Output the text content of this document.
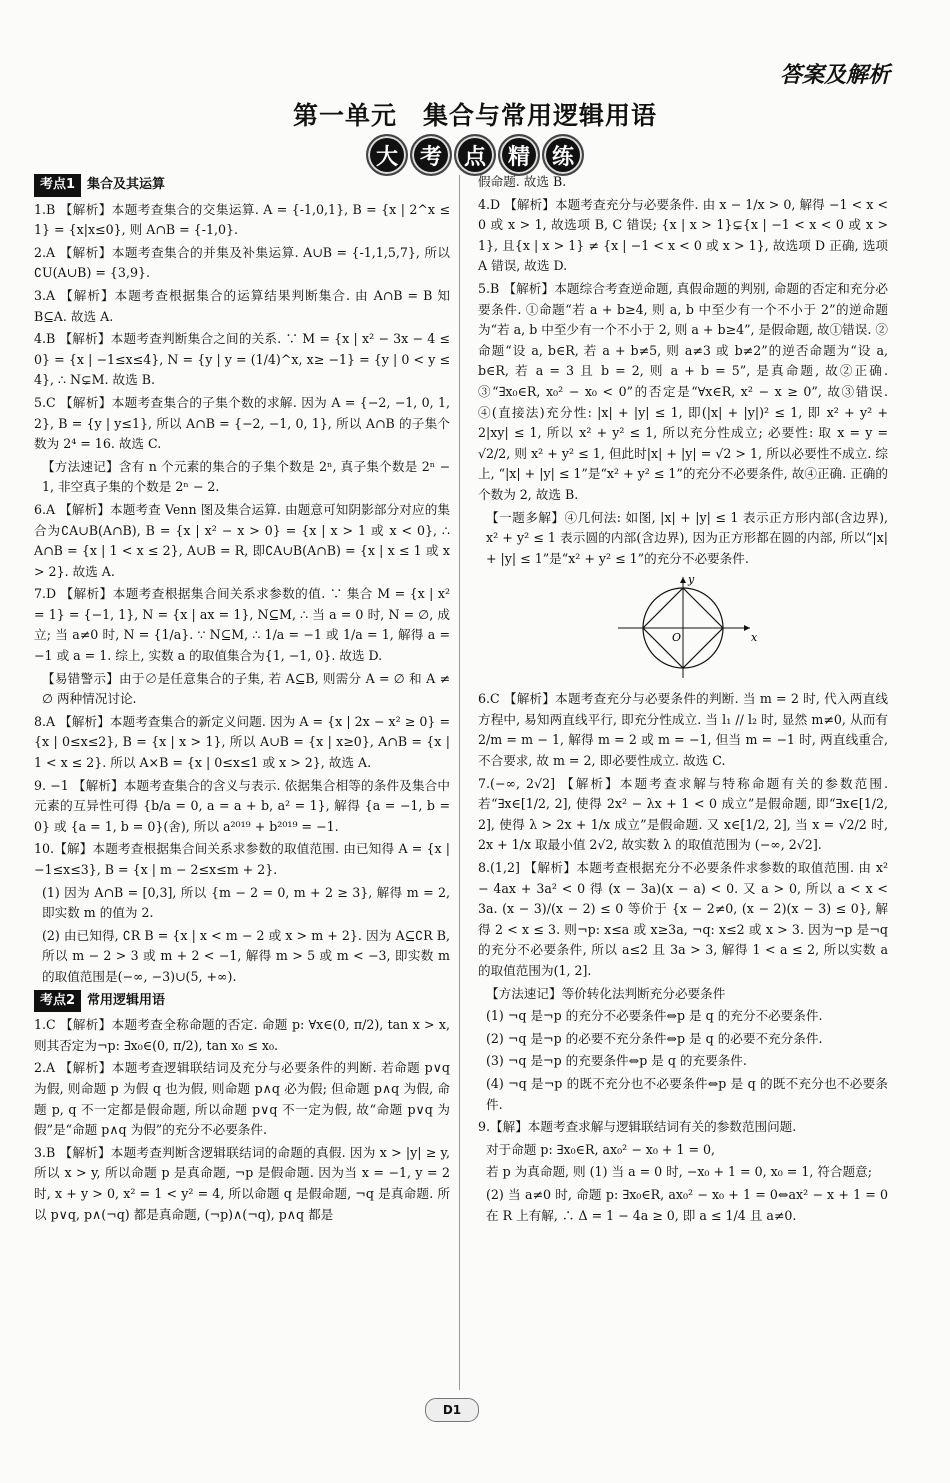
答案及解析
第一单元　集合与常用逻辑用语
大 考 点 精 练
考点1 集合及其运算

1.B 【解析】本题考查集合的交集运算. A = {-1,0,1}, B = {x | 2^x ≤ 1} = {x|x≤0}, 则 A∩B = {-1,0}.

2.A 【解析】本题考查集合的并集及补集运算. A∪B = {-1,1,5,7}, 所以∁U(A∪B) = {3,9}.

3.A 【解析】本题考查根据集合的运算结果判断集合. 由 A∩B = B 知 B⊆A. 故选 A.

4.B 【解析】本题考查判断集合之间的关系. ∵ M = {x | x² − 3x − 4 ≤ 0} = {x | −1≤x≤4}, N = {y | y = (1/4)^x, x≥ −1} = {y | 0 < y ≤ 4}, ∴ N⊊M. 故选 B.

5.C 【解析】本题考查集合的子集个数的求解. 因为 A = {−2, −1, 0, 1, 2}, B = {y | y≤1}, 所以 A∩B = {−2, −1, 0, 1}, 所以 A∩B 的子集个数为 2⁴ = 16. 故选 C.

【方法速记】含有 n 个元素的集合的子集个数是 2ⁿ, 真子集个数是 2ⁿ − 1, 非空真子集的个数是 2ⁿ − 2.

6.A 【解析】本题考查 Venn 图及集合运算. 由题意可知阴影部分对应的集合为∁A∪B(A∩B), B = {x | x² − x > 0} = {x | x > 1 或 x < 0}, ∴ A∩B = {x | 1 < x ≤ 2}, A∪B = R, 即∁A∪B(A∩B) = {x | x ≤ 1 或 x > 2}. 故选 A.

7.D 【解析】本题考查根据集合间关系求参数的值. ∵ 集合 M = {x | x² = 1} = {−1, 1}, N = {x | ax = 1}, N⊆M, ∴ 当 a = 0 时, N = ∅, 成立; 当 a≠0 时, N = {1/a}. ∵ N⊆M, ∴ 1/a = −1 或 1/a = 1, 解得 a = −1 或 a = 1. 综上, 实数 a 的取值集合为{1, −1, 0}. 故选 D.

【易错警示】由于∅是任意集合的子集, 若 A⊆B, 则需分 A = ∅ 和 A ≠ ∅ 两种情况讨论.

8.A 【解析】本题考查集合的新定义问题. 因为 A = {x | 2x − x² ≥ 0} = {x | 0≤x≤2}, B = {x | x > 1}, 所以 A∪B = {x | x≥0}, A∩B = {x | 1 < x ≤ 2}. 所以 A×B = {x | 0≤x≤1 或 x > 2}, 故选 A.

9. −1 【解析】本题考查集合的含义与表示. 依据集合相等的条件及集合中元素的互异性可得 {b/a = 0, a = a + b, a² = 1}, 解得 {a = −1, b = 0} 或 {a = 1, b = 0}(舍), 所以 a²⁰¹⁹ + b²⁰¹⁹ = −1.

10.【解】本题考查根据集合间关系求参数的取值范围. 由已知得 A = {x | −1≤x≤3}, B = {x | m − 2≤x≤m + 2}.

(1) 因为 A∩B = [0,3], 所以 {m − 2 = 0, m + 2 ≥ 3}, 解得 m = 2, 即实数 m 的值为 2.

(2) 由已知得, ∁R B = {x | x < m − 2 或 x > m + 2}. 因为 A⊆∁R B, 所以 m − 2 > 3 或 m + 2 < −1, 解得 m > 5 或 m < −3, 即实数 m 的取值范围是(−∞, −3)∪(5, +∞).

考点2 常用逻辑用语

1.C 【解析】本题考查全称命题的否定. 命题 p: ∀x∈(0, π/2), tan x > x, 则其否定为¬p: ∃x₀∈(0, π/2), tan x₀ ≤ x₀.

2.A 【解析】本题考查逻辑联结词及充分与必要条件的判断. 若命题 p∨q 为假, 则命题 p 为假 q 也为假, 则命题 p∧q 必为假; 但命题 p∧q 为假, 命题 p, q 不一定都是假命题, 所以命题 p∨q 不一定为假, 故“命题 p∨q 为假”是“命题 p∧q 为假”的充分不必要条件.

3.B 【解析】本题考查判断含逻辑联结词的命题的真假. 因为 x > |y| ≥ y, 所以 x > y, 所以命题 p 是真命题, ¬p 是假命题. 因为当 x = −1, y = 2 时, x + y > 0, x² = 1 < y² = 4, 所以命题 q 是假命题, ¬q 是真命题. 所以 p∨q, p∧(¬q) 都是真命题, (¬p)∧(¬q), p∧q 都是

假命题. 故选 B.

4.D 【解析】本题考查充分与必要条件. 由 x − 1/x > 0, 解得 −1 < x < 0 或 x > 1, 故选项 B, C 错误; {x | x > 1}⊊{x | −1 < x < 0 或 x > 1}, 且{x | x > 1} ≠ {x | −1 < x < 0 或 x > 1}, 故选项 D 正确, 选项 A 错误, 故选 D.

5.B 【解析】本题综合考查逆命题, 真假命题的判别, 命题的否定和充分必要条件. ①命题“若 a + b≥4, 则 a, b 中至少有一个不小于 2”的逆命题为“若 a, b 中至少有一个不小于 2, 则 a + b≥4”, 是假命题, 故①错误. ②命题“设 a, b∈R, 若 a + b≠5, 则 a≠3 或 b≠2”的逆否命题为“设 a, b∈R, 若 a = 3 且 b = 2, 则 a + b = 5”, 是真命题, 故②正确. ③“∃x₀∈R, x₀² − x₀ < 0”的否定是“∀x∈R, x² − x ≥ 0”, 故③错误. ④(直接法)充分性: |x| + |y| ≤ 1, 即(|x| + |y|)² ≤ 1, 即 x² + y² + 2|xy| ≤ 1, 所以 x² + y² ≤ 1, 所以充分性成立; 必要性: 取 x = y = √2/2, 则 x² + y² ≤ 1, 但此时|x| + |y| = √2 > 1, 所以必要性不成立. 综上, “|x| + |y| ≤ 1”是“x² + y² ≤ 1”的充分不必要条件, 故④正确. 正确的个数为 2, 故选 B.

【一题多解】④几何法: 如图, |x| + |y| ≤ 1 表示正方形内部(含边界), x² + y² ≤ 1 表示圆的内部(含边界), 因为正方形都在圆的内部, 所以“|x| + |y| ≤ 1”是“x² + y² ≤ 1”的充分不必要条件.

x
y
O

6.C 【解析】本题考查充分与必要条件的判断. 当 m = 2 时, 代入两直线方程中, 易知两直线平行, 即充分性成立. 当 l₁ // l₂ 时, 显然 m≠0, 从而有 2/m = m − 1, 解得 m = 2 或 m = −1, 但当 m = −1 时, 两直线重合, 不合要求, 故 m = 2, 即必要性成立. 故选 C.

7.(−∞, 2√2] 【解析】本题考查求解与特称命题有关的参数范围. 若“∃x∈[1/2, 2], 使得 2x² − λx + 1 < 0 成立”是假命题, 即“∃x∈[1/2, 2], 使得 λ > 2x + 1/x 成立”是假命题. 又 x∈[1/2, 2], 当 x = √2/2 时, 2x + 1/x 取最小值 2√2, 故实数 λ 的取值范围为 (−∞, 2√2].

8.(1,2] 【解析】本题考查根据充分不必要条件求参数的取值范围. 由 x² − 4ax + 3a² < 0 得 (x − 3a)(x − a) < 0. 又 a > 0, 所以 a < x < 3a. (x − 3)/(x − 2) ≤ 0 等价于 {x − 2≠0, (x − 2)(x − 3) ≤ 0}, 解得 2 < x ≤ 3. 则¬p: x≤a 或 x≥3a, ¬q: x≤2 或 x > 3. 因为¬p 是¬q 的充分不必要条件, 所以 a≤2 且 3a > 3, 解得 1 < a ≤ 2, 所以实数 a 的取值范围为(1, 2].

【方法速记】等价转化法判断充分必要条件

(1) ¬q 是¬p 的充分不必要条件⇔p 是 q 的充分不必要条件.

(2) ¬q 是¬p 的必要不充分条件⇔p 是 q 的必要不充分条件.

(3) ¬q 是¬p 的充要条件⇔p 是 q 的充要条件.

(4) ¬q 是¬p 的既不充分也不必要条件⇔p 是 q 的既不充分也不必要条件.

9.【解】本题考查求解与逻辑联结词有关的参数范围问题.

对于命题 p: ∃x₀∈R, ax₀² − x₀ + 1 = 0,

若 p 为真命题, 则 (1) 当 a = 0 时, −x₀ + 1 = 0, x₀ = 1, 符合题意;

(2) 当 a≠0 时, 命题 p: ∃x₀∈R, ax₀² − x₀ + 1 = 0⇔ax² − x + 1 = 0 在 R 上有解, ∴ Δ = 1 − 4a ≥ 0, 即 a ≤ 1/4 且 a≠0.

D1
